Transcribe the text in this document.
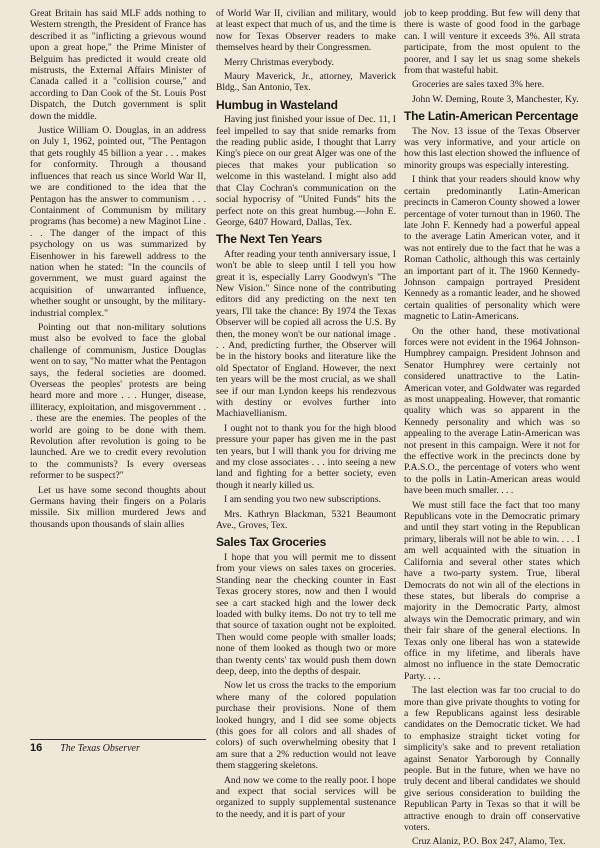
Great Britain has said MLF adds nothing to Western strength, the President of France has described it as "inflicting a grievous wound upon a great hope," the Prime Minister of Belguim has predicted it would create old mistrusts, the External Affairs Minister of Canada called it a "collision course," and according to Dan Cook of the St. Louis Post Dispatch, the Dutch government is split down the middle.

Justice William O. Douglas, in an address on July 1, 1962, pointed out, "The Pentagon that gets roughly 45 billion a year . . . makes for conformity. Through a thousand influences that reach us since World War II, we are conditioned to the idea that the Pentagon has the answer to communism . . . Containment of Communism by military programs (has become) a new Maginot Line . . . The danger of the impact of this psychology on us was summarized by Eisenhower in his farewell address to the nation when he stated: "In the councils of government, we must guard against the acquisition of unwarranted influence, whether sought or unsought, by the military-industrial complex."

Pointing out that non-military solutions must also be evolved to face the global challenge of communism, Justice Douglas went on to say, "No matter what the Pentagon says, the federal societies are doomed. Overseas the peoples' protests are being heard more and more . . . Hunger, disease, illiteracy, exploitation, and misgovernment . . . these are the enemies. The peoples of the world are going to be done with them. Revolution after revolution is going to be launched. Are we to credit every revolution to the communists? Is every overseas reformer to be suspect?"

Let us have some second thoughts about Germans having their fingers on a Polaris missile. Six million murdered Jews and thousands upon thousands of slain allies

16 The Texas Observer

of World War II, civilian and military, would at least expect that much of us, and the time is now for Texas Observer readers to make themselves heard by their Congressmen.

Merry Christmas everybody.

Maury Maverick, Jr., attorney, Maverick Bldg., San Antonio, Tex.

Humbug in Wasteland

Having just finished your issue of Dec. 11, I feel impelled to say that snide remarks from the reading public aside, I thought that Larry King's piece on our great Alger was one of the pieces that makes your publication so welcome in this wasteland. I might also add that Clay Cochran's communication on the social hypocrisy of "United Funds" hits the perfect note on this great humbug.—John E. George, 6407 Howard, Dallas, Tex.

The Next Ten Years

After reading your tenth anniversary issue, I won't be able to sleep until I tell you how great it is, especially Larry Goodwyn's "The New Vision." Since none of the contributing editors did any predicting on the next ten years, I'll take the chance: By 1974 the Texas Observer will be copied all across the U.S. By then, the money won't be our national image . . . And, predicting further, the Observer will be in the history books and literature like the old Spectator of England. However, the next ten years will be the most crucial, as we shall see if our man Lyndon keeps his rendezvous with destiny or evolves further into Machiavellianism.

I ought not to thank you for the high blood pressure your paper has given me in the past ten years, but I will thank you for driving me and my close associates . . . into seeing a new land and fighting for a better society, even though it nearly killed us.

I am sending you two new subscriptions.

Mrs. Kathryn Blackman, 5321 Beaumont Ave., Groves, Tex.

Sales Tax Groceries

I hope that you will permit me to dissent from your views on sales taxes on groceries. Standing near the checking counter in East Texas grocery stores, now and then I would see a cart stacked high and the lower deck loaded with bulky items. Do not try to tell me that source of taxation ought not be exploited. Then would come people with smaller loads; none of them looked as though two or more than twenty cents' tax would push them down deep, deep, into the depths of despair.

Now let us cross the tracks to the emporium where many of the colored population purchase their provisions. None of them looked hungry, and I did see some objects (this goes for all colors and all shades of colors) of such overwhelming obesity that I am sure that a 2% reduction would not leave them staggering skeletons.

And now we come to the really poor. I hope and expect that social services will be organized to supply supplemental sustenance to the needy, and it is part of your

job to keep prodding. But few will deny that there is waste of good food in the garbage can. I will venture it exceeds 3%. All strata participate, from the most opulent to the poorer, and I say let us snag some shekels from that wasteful habit.

Groceries are sales taxed 3% here.

John W. Deming, Route 3, Manchester, Ky.

The Latin-American Percentage

The Nov. 13 issue of the Texas Observer was very informative, and your article on how this last election showed the influence of minority groups was especially interesting.

I think that your readers should know why certain predominantly Latin-American precincts in Cameron County showed a lower percentage of voter turnout than in 1960. The late John F. Kennedy had a powerful appeal to the average Latin American voter, and it was not entirely due to the fact that he was a Roman Catholic, although this was certainly an important part of it. The 1960 Kennedy-Johnson campaign portrayed President Kennedy as a romantic leader, and he showed certain qualities of personality which were magnetic to Latin-Americans.

On the other hand, these motivational forces were not evident in the 1964 Johnson-Humphrey campaign. President Johnson and Senator Humphrey were certainly not considered unattractive to the Latin-American voter, and Goldwater was regarded as most unappealing. However, that romantic quality which was so apparent in the Kennedy personality and which was so appealing to the average Latin-American was not present in this campaign. Were it not for the effective work in the precincts done by P.A.S.O., the percentage of voters who went to the polls in Latin-American areas would have been much smaller. . . .

We must still face the fact that too many Republicans vote in the Democratic primary and until they start voting in the Republican primary, liberals will not be able to win. . . . I am well acquainted with the situation in California and several other states which have a two-party system. True, liberal Democrats do not win all of the elections in these states, but liberals do comprise a majority in the Democratic Party, almost always win the Democratic primary, and win their fair share of the general elections. In Texas only one liberal has won a statewide office in my lifetime, and liberals have almost no influence in the state Democratic Party. . . .

The last election was far too crucial to do more than give private thoughts to voting for a few Republicans against less desirable candidates on the Democratic ticket. We had to emphasize straight ticket voting for simplicity's sake and to prevent retaliation against Senator Yarborough by Connally people. But in the future, when we have no truly decent and liberal candidates we should give serious consideration to building the Republican Party in Texas so that it will be attractive enough to drain off conservative voters.

Cruz Alaniz, P.O. Box 247, Alamo, Tex.
